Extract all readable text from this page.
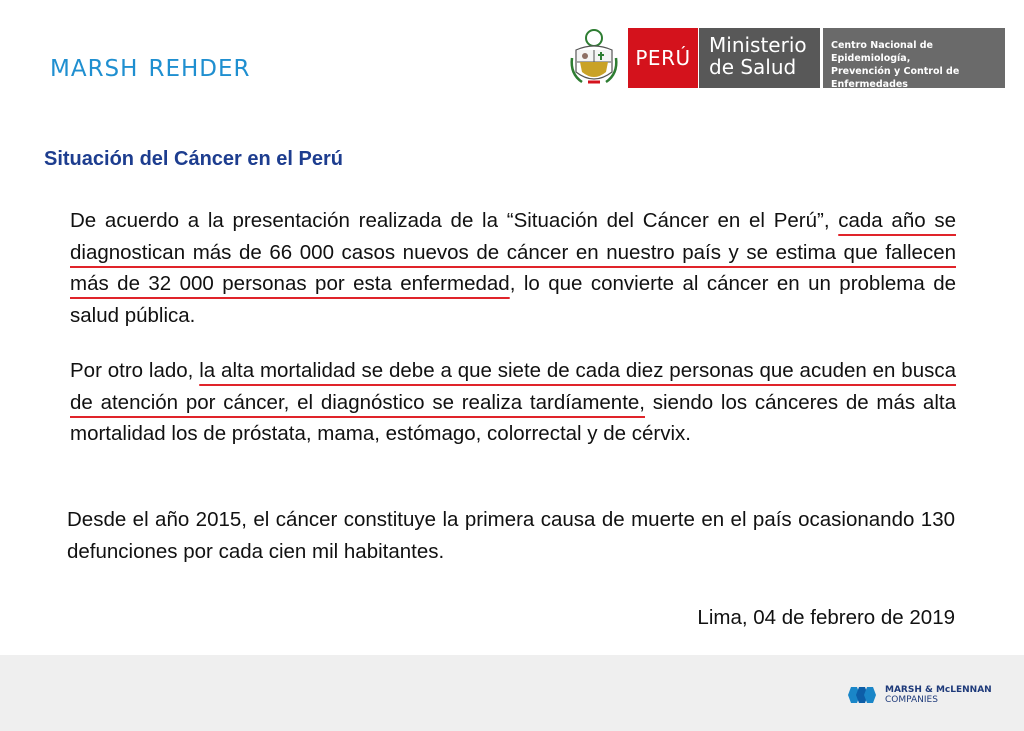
MARSH REHDER	PERÚ
Ministerio
de Salud
Centro Nacional de Epidemiología,
Prevención y Control de
Enfermedades
Situación del Cáncer en el Perú

De acuerdo a la presentación realizada de la “Situación del Cáncer en el Perú”, cada año se diagnostican más de 66 000 casos nuevos de cáncer en nuestro país y se estima que fallecen más de 32 000 personas por esta enfermedad, lo que convierte al cáncer en un problema de salud pública.

Por otro lado, la alta mortalidad se debe a que siete de cada diez personas que acuden en busca de atención por cáncer, el diagnóstico se realiza tardíamente, siendo los cánceres de más alta mortalidad los de próstata, mama, estómago, colorrectal y de cérvix.

Desde el año 2015, el cáncer constituye la primera causa de muerte en el país ocasionando 130 defunciones por cada cien mil habitantes.

Lima, 04 de febrero de 2019
MARSH & McLENNAN
COMPANIES
